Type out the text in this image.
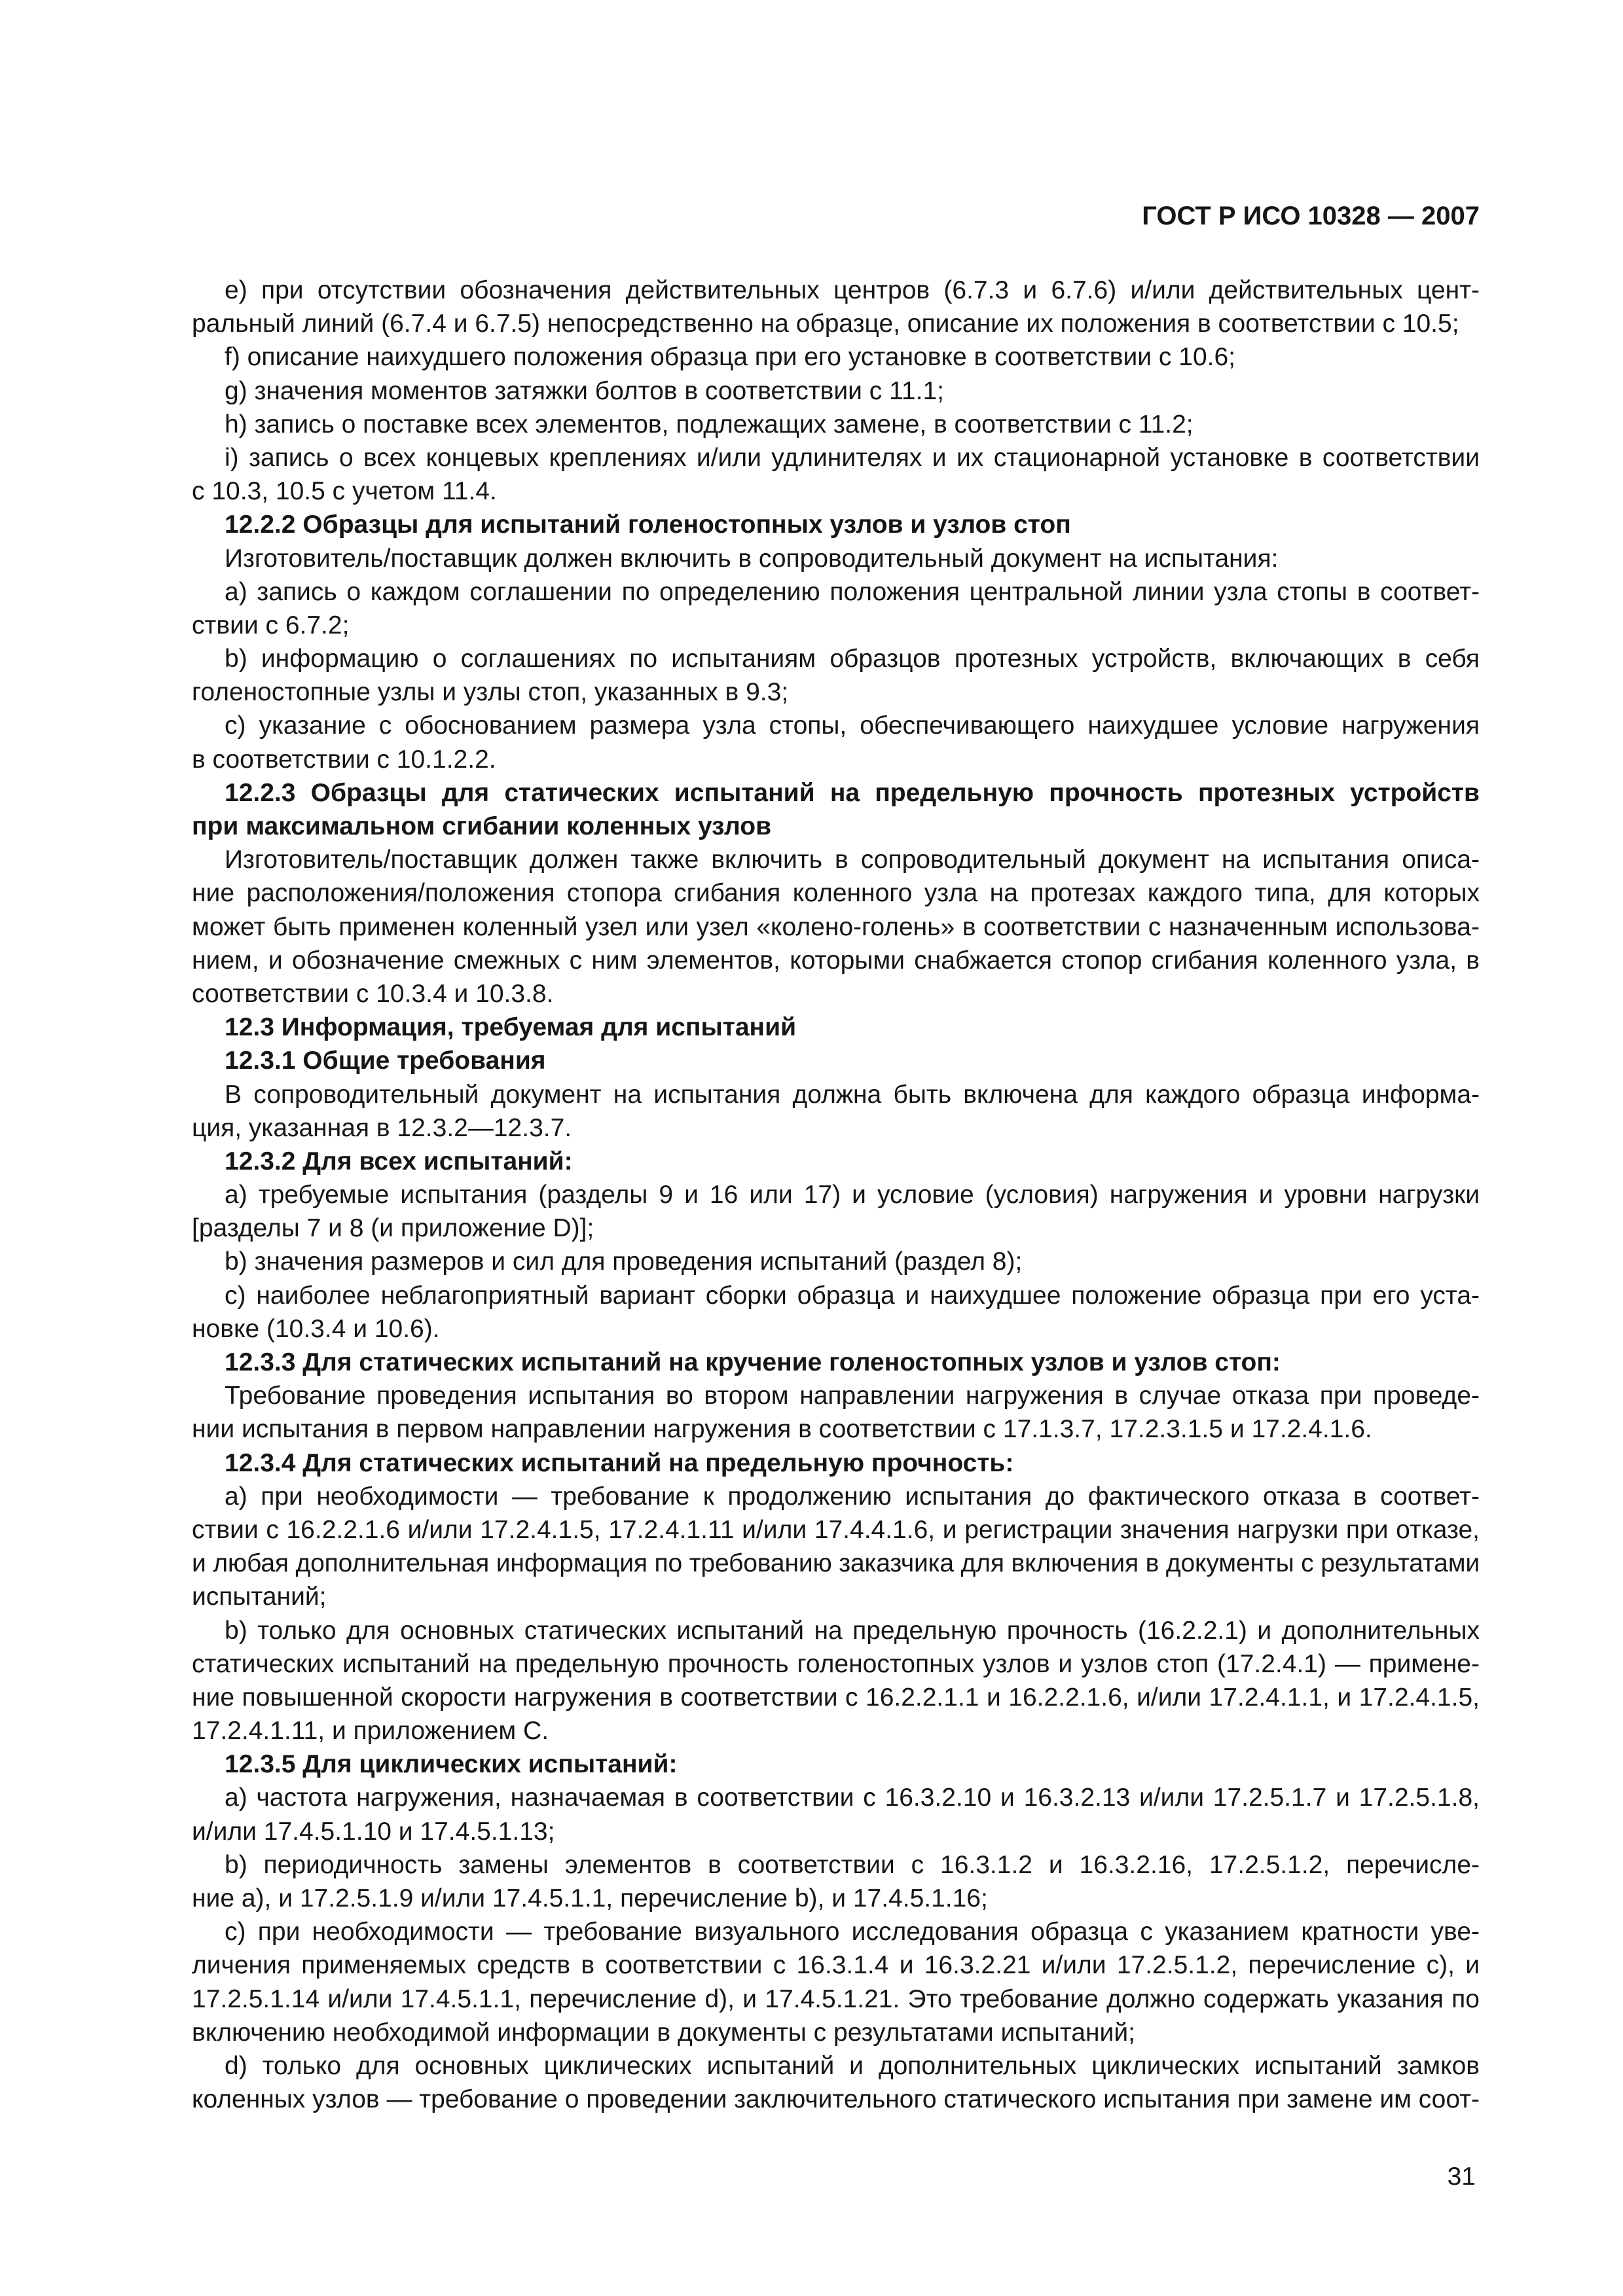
ГОСТ Р ИСО 10328 — 2007
e) при отсутствии обозначения действительных центров (6.7.3 и 6.7.6) и/или действительных цент-
ральный линий (6.7.4 и 6.7.5) непосредственно на образце, описание их положения в соответствии с 10.5;
f) описание наихудшего положения образца при его установке в соответствии с 10.6;
g) значения моментов затяжки болтов в соответствии с 11.1;
h) запись о поставке всех элементов, подлежащих замене, в соответствии с 11.2;
i) запись о всех концевых креплениях и/или удлинителях и их стационарной установке в соответствии
с 10.3, 10.5 с учетом 11.4.
12.2.2 Образцы для испытаний голеностопных узлов и узлов стоп
Изготовитель/поставщик должен включить в сопроводительный документ на испытания:
a) запись о каждом соглашении по определению положения центральной линии узла стопы в соответ-
ствии с 6.7.2;
b) информацию о соглашениях по испытаниям образцов протезных устройств, включающих в себя
голеностопные узлы и узлы стоп, указанных в 9.3;
c) указание с обоснованием размера узла стопы, обеспечивающего наихудшее условие нагружения
в соответствии с 10.1.2.2.
12.2.3 Образцы для статических испытаний на предельную прочность протезных устройств
при максимальном сгибании коленных узлов
Изготовитель/поставщик должен также включить в сопроводительный документ на испытания описа-
ние расположения/положения стопора сгибания коленного узла на протезах каждого типа, для которых
может быть применен коленный узел или узел «колено-голень» в соответствии с назначенным использова-
нием, и обозначение смежных с ним элементов, которыми снабжается стопор сгибания коленного узла, в
соответствии с 10.3.4 и 10.3.8.
12.3 Информация, требуемая для испытаний
12.3.1 Общие требования
В сопроводительный документ на испытания должна быть включена для каждого образца информа-
ция, указанная в 12.3.2—12.3.7.
12.3.2 Для всех испытаний:
a) требуемые испытания (разделы 9 и 16 или 17) и условие (условия) нагружения и уровни нагрузки
[разделы 7 и 8 (и приложение D)];
b) значения размеров и сил для проведения испытаний (раздел 8);
c) наиболее неблагоприятный вариант сборки образца и наихудшее положение образца при его уста-
новке (10.3.4 и 10.6).
12.3.3 Для статических испытаний на кручение голеностопных узлов и узлов стоп:
Требование проведения испытания во втором направлении нагружения в случае отказа при проведе-
нии испытания в первом направлении нагружения в соответствии с 17.1.3.7, 17.2.3.1.5 и 17.2.4.1.6.
12.3.4 Для статических испытаний на предельную прочность:
a) при необходимости — требование к продолжению испытания до фактического отказа в соответ-
ствии с 16.2.2.1.6 и/или 17.2.4.1.5, 17.2.4.1.11 и/или 17.4.4.1.6, и регистрации значения нагрузки при отказе,
и любая дополнительная информация по требованию заказчика для включения в документы с результатами
испытаний;
b) только для основных статических испытаний на предельную прочность (16.2.2.1) и дополнительных
статических испытаний на предельную прочность голеностопных узлов и узлов стоп (17.2.4.1) — примене-
ние повышенной скорости нагружения в соответствии с 16.2.2.1.1 и 16.2.2.1.6, и/или 17.2.4.1.1, и 17.2.4.1.5,
17.2.4.1.11, и приложением C.
12.3.5 Для циклических испытаний:
a) частота нагружения, назначаемая в соответствии с 16.3.2.10 и 16.3.2.13 и/или 17.2.5.1.7 и 17.2.5.1.8,
и/или 17.4.5.1.10 и 17.4.5.1.13;
b) периодичность замены элементов в соответствии с 16.3.1.2 и 16.3.2.16, 17.2.5.1.2, перечисле-
ние a), и 17.2.5.1.9 и/или 17.4.5.1.1, перечисление b), и 17.4.5.1.16;
c) при необходимости — требование визуального исследования образца с указанием кратности уве-
личения применяемых средств в соответствии с 16.3.1.4 и 16.3.2.21 и/или 17.2.5.1.2, перечисление c), и
17.2.5.1.14 и/или 17.4.5.1.1, перечисление d), и 17.4.5.1.21. Это требование должно содержать указания по
включению необходимой информации в документы с результатами испытаний;
d) только для основных циклических испытаний и дополнительных циклических испытаний замков
коленных узлов — требование о проведении заключительного статического испытания при замене им соот-
31
